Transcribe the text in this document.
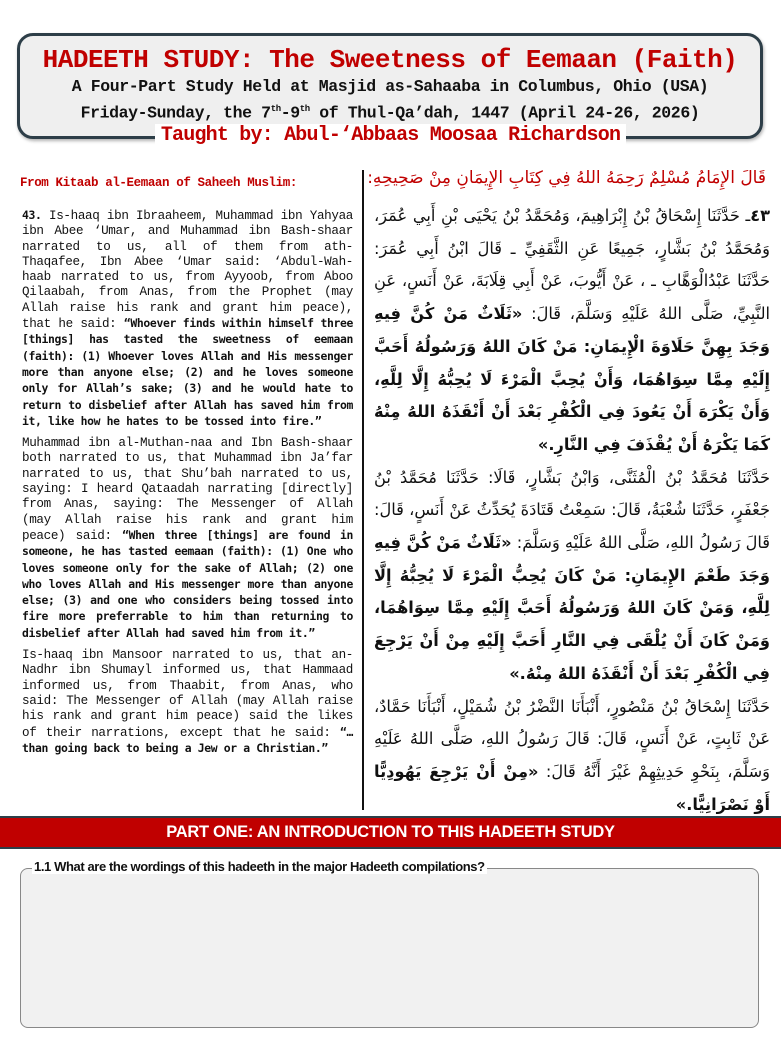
HADEETH STUDY: The Sweetness of Eemaan (Faith)
A Four-Part Study Held at Masjid as-Sahaaba in Columbus, Ohio (USA)
Friday-Sunday, the 7th-9th of Thul-Qa’dah, 1447 (April 24-26, 2026)
Taught by: Abul-‘Abbaas Moosaa Richardson
From Kitaab al-Eemaan of Saheeh Muslim:	قَالَ الإِمَامُ مُسْلِمٌ رَحِمَهُ اللهُ فِي كِتَابِ الإِيمَانِ مِنْ صَحِيحِهِ:

43. Is-haaq ibn Ibraaheem, Muhammad ibn Yahyaa ibn Abee ‘Umar, and Muhammad ibn Bash-shaar narrated to us, all of them from ath-Thaqafee, Ibn Abee ‘Umar said: ‘Abdul-Wah-haab narrated to us, from Ayyoob, from Aboo Qilaabah, from Anas, from the Prophet (may Allah raise his rank and grant him peace), that he said: “Whoever finds within himself three [things] has tasted the sweetness of eemaan (faith): (1) Whoever loves Allah and His messenger more than anyone else; (2) and he loves someone only for Allah’s sake; (3) and he would hate to return to disbelief after Allah has saved him from it, like how he hates to be tossed into fire.”

Muhammad ibn al-Muthan-naa and Ibn Bash-shaar both narrated to us, that Muhammad ibn Ja’far narrated to us, that Shu’bah narrated to us, saying: I heard Qataadah narrating [directly] from Anas, saying: The Messenger of Allah (may Allah raise his rank and grant him peace) said: “When three [things] are found in someone, he has tasted eemaan (faith): (1) One who loves someone only for the sake of Allah; (2) one who loves Allah and His messenger more than anyone else; (3) and one who considers being tossed into fire more preferrable to him than returning to disbelief after Allah had saved him from it.”

Is-haaq ibn Mansoor narrated to us, that an-Nadhr ibn Shumayl informed us, that Hammaad informed us, from Thaabit, from Anas, who said: The Messenger of Allah (may Allah raise his rank and grant him peace) said the likes of their narrations, except that he said: “…than going back to being a Jew or a Christian.”

٤٣ـ حَدَّثَنَا إِسْحَاقُ بْنُ إِبْرَاهِيمَ، وَمُحَمَّدُ بْنُ يَحْيَى بْنِ أَبِي عُمَرَ، وَمُحَمَّدُ بْنُ بَشَّارٍ، جَمِيعًا عَنِ الثَّقَفِيِّ ـ قَالَ ابْنُ أَبِي عُمَرَ: حَدَّثَنَا عَبْدُالْوَهَّابِ ـ ، عَنْ أَيُّوبَ، عَنْ أَبِي قِلَابَةَ، عَنْ أَنَسٍ، عَنِ النَّبِيِّ، صَلَّى اللهُ عَلَيْهِ وَسَلَّمَ، قَالَ: «ثَلَاثٌ مَنْ كُنَّ فِيهِ وَجَدَ بِهِنَّ حَلَاوَةَ الْإِيمَانِ: مَنْ كَانَ اللهُ وَرَسُولُهُ أَحَبَّ إِلَيْهِ مِمَّا سِوَاهُمَا، وَأَنْ يُحِبَّ الْمَرْءَ لَا يُحِبُّهُ إِلَّا لِلَّهِ، وَأَنْ يَكْرَهَ أَنْ يَعُودَ فِي الْكُفْرِ بَعْدَ أَنْ أَنْقَذَهُ اللهُ مِنْهُ كَمَا يَكْرَهُ أَنْ يُقْذَفَ فِي النَّارِ.»

حَدَّثَنَا مُحَمَّدُ بْنُ الْمُثَنَّى، وَابْنُ بَشَّارٍ، قَالَا: حَدَّثَنَا مُحَمَّدُ بْنُ جَعْفَرٍ، حَدَّثَنَا شُعْبَةُ، قَالَ: سَمِعْتُ قَتَادَةَ يُحَدِّثُ عَنْ أَنَسٍ، قَالَ: قَالَ رَسُولُ اللهِ، صَلَّى اللهُ عَلَيْهِ وَسَلَّمَ: «ثَلَاثٌ مَنْ كُنَّ فِيهِ وَجَدَ طَعْمَ الإِيمَانِ: مَنْ كَانَ يُحِبُّ الْمَرْءَ لَا يُحِبُّهُ إِلَّا لِلَّهِ، وَمَنْ كَانَ اللهُ وَرَسُولُهُ أَحَبَّ إِلَيْهِ مِمَّا سِوَاهُمَا، وَمَنْ كَانَ أَنْ يُلْقَى فِي النَّارِ أَحَبَّ إِلَيْهِ مِنْ أَنْ يَرْجِعَ فِي الْكُفْرِ بَعْدَ أَنْ أَنْقَذَهُ اللهُ مِنْهُ.»

حَدَّثَنَا إِسْحَاقُ بْنُ مَنْصُورٍ، أَنْبَأَنَا النَّضْرُ بْنُ شُمَيْلٍ، أَنْبَأَنَا حَمَّادٌ، عَنْ ثَابِتٍ، عَنْ أَنَسٍ، قَالَ: قَالَ رَسُولُ اللهِ، صَلَّى اللهُ عَلَيْهِ وَسَلَّمَ، بِنَحْوِ حَدِيثِهِمْ غَيْرَ أَنَّهُ قَالَ: «مِنْ أَنْ يَرْجِعَ يَهُودِيًّا أَوْ نَصْرَانِيًّا.»

PART ONE: AN INTRODUCTION TO THIS HADEETH STUDY
1.1 What are the wordings of this hadeeth in the major Hadeeth compilations?
